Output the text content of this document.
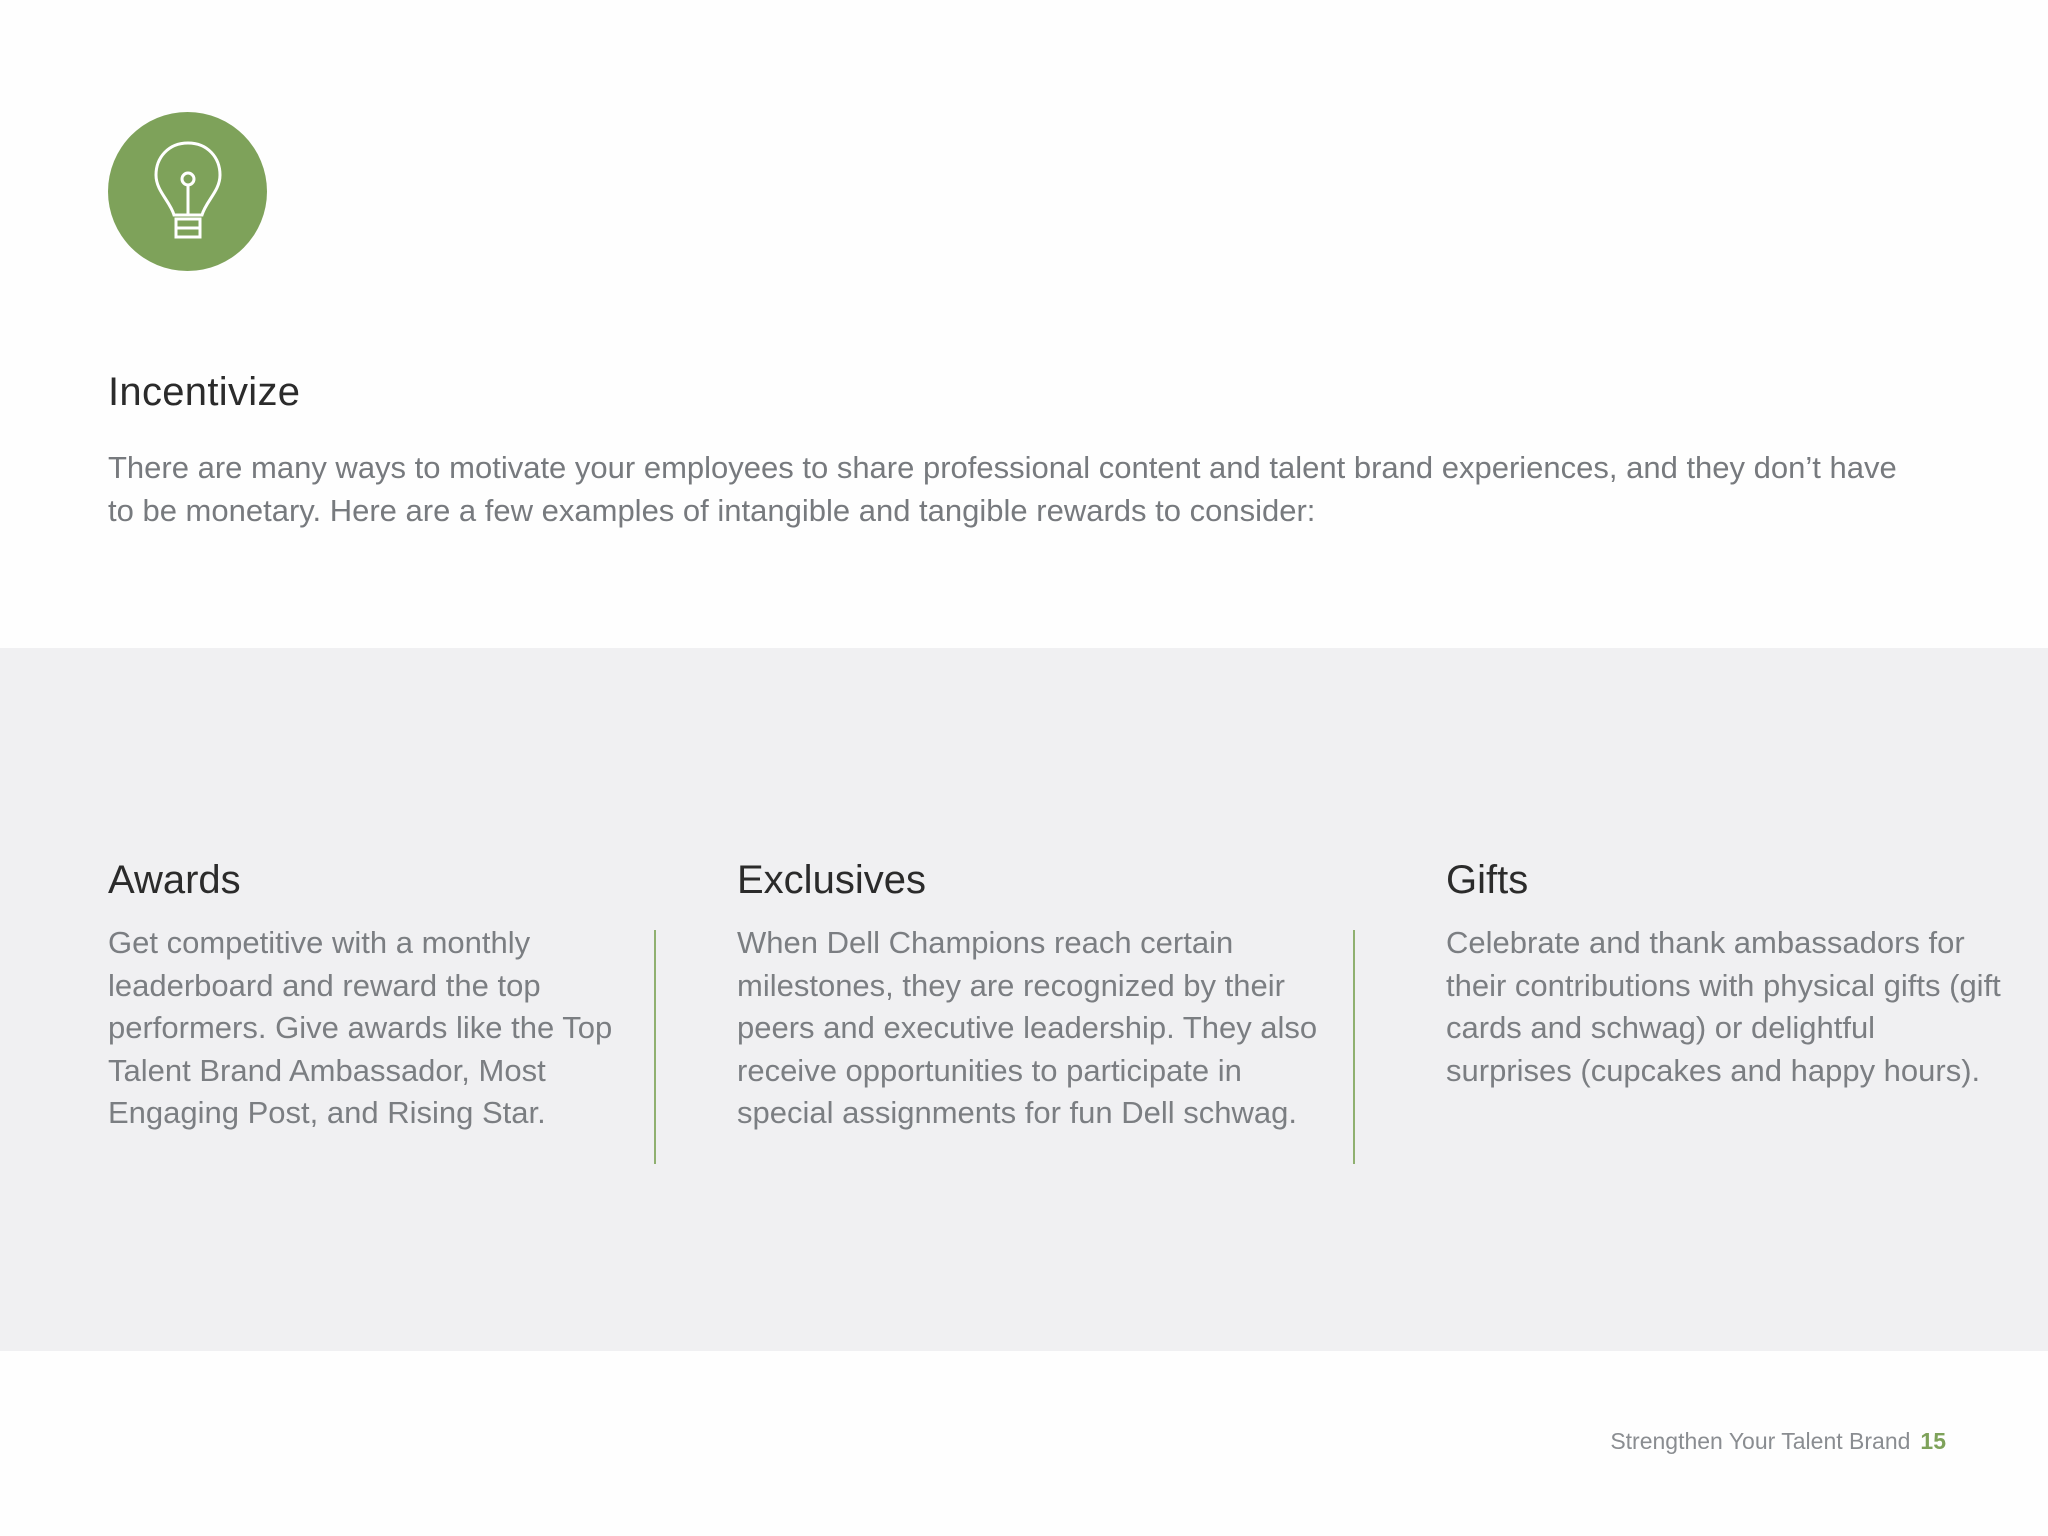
Incentivize

There are many ways to motivate your employees to share professional content and talent brand experiences, and they don’t have to be monetary. Here are a few examples of intangible and tangible rewards to consider:

Awards

Get competitive with a monthly leaderboard and reward the top performers. Give awards like the Top Talent Brand Ambassador, Most Engaging Post, and Rising Star.

Exclusives

When Dell Champions reach certain milestones, they are recognized by their peers and executive leadership. They also receive opportunities to participate in special assignments for fun Dell schwag.

Gifts

Celebrate and thank ambassadors for their contributions with physical gifts (gift cards and schwag) or delightful surprises (cupcakes and happy hours).

Strengthen Your Talent Brand 15
